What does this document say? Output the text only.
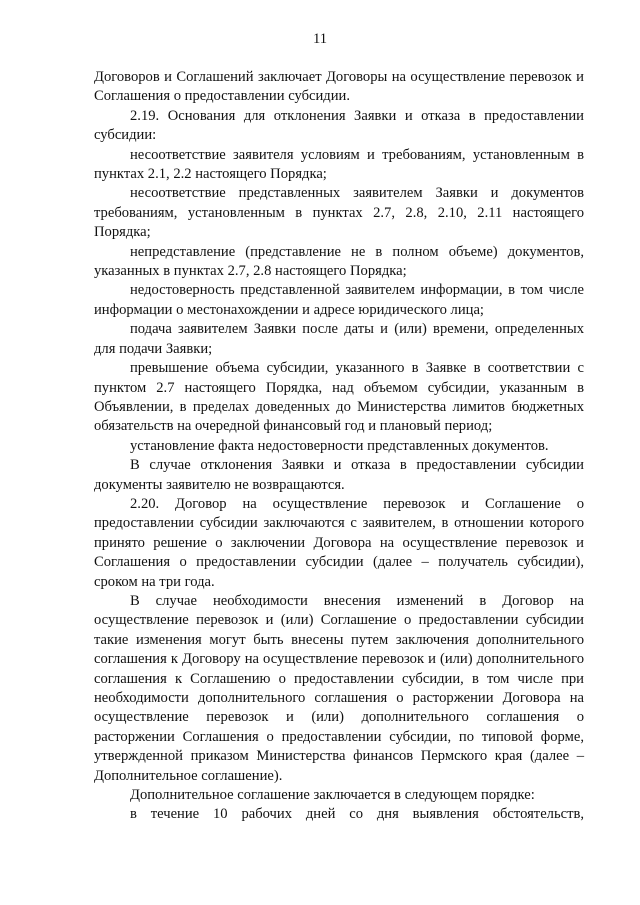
11

Договоров и Соглашений заключает Договоры на осуществление перевозок и Соглашения о предоставлении субсидии.

2.19. Основания для отклонения Заявки и отказа в предоставлении субсидии:

несоответствие заявителя условиям и требованиям, установленным в пунктах 2.1, 2.2 настоящего Порядка;

несоответствие представленных заявителем Заявки и документов требованиям, установленным в пунктах 2.7, 2.8, 2.10, 2.11 настоящего Порядка;

непредставление (представление не в полном объеме) документов, указанных в пунктах 2.7, 2.8 настоящего Порядка;

недостоверность представленной заявителем информации, в том числе информации о местонахождении и адресе юридического лица;

подача заявителем Заявки после даты и (или) времени, определенных для подачи Заявки;

превышение объема субсидии, указанного в Заявке в соответствии с пунктом 2.7 настоящего Порядка, над объемом субсидии, указанным в Объявлении, в пределах доведенных до Министерства лимитов бюджетных обязательств на очередной финансовый год и плановый период;

установление факта недостоверности представленных документов.

В случае отклонения Заявки и отказа в предоставлении субсидии документы заявителю не возвращаются.

2.20. Договор на осуществление перевозок и Соглашение о предоставлении субсидии заключаются с заявителем, в отношении которого принято решение о заключении Договора на осуществление перевозок и Соглашения о предоставлении субсидии (далее – получатель субсидии), сроком на три года.

В случае необходимости внесения изменений в Договор на осуществление перевозок и (или) Соглашение о предоставлении субсидии такие изменения могут быть внесены путем заключения дополнительного соглашения к Договору на осуществление перевозок и (или) дополнительного соглашения к Соглашению о предоставлении субсидии, в том числе при необходимости дополнительного соглашения о расторжении Договора на осуществление перевозок и (или) дополнительного соглашения о расторжении Соглашения о предоставлении субсидии, по типовой форме, утвержденной приказом Министерства финансов Пермского края (далее – Дополнительное соглашение).

Дополнительное соглашение заключается в следующем порядке:

в течение 10 рабочих дней со дня выявления обстоятельств,
